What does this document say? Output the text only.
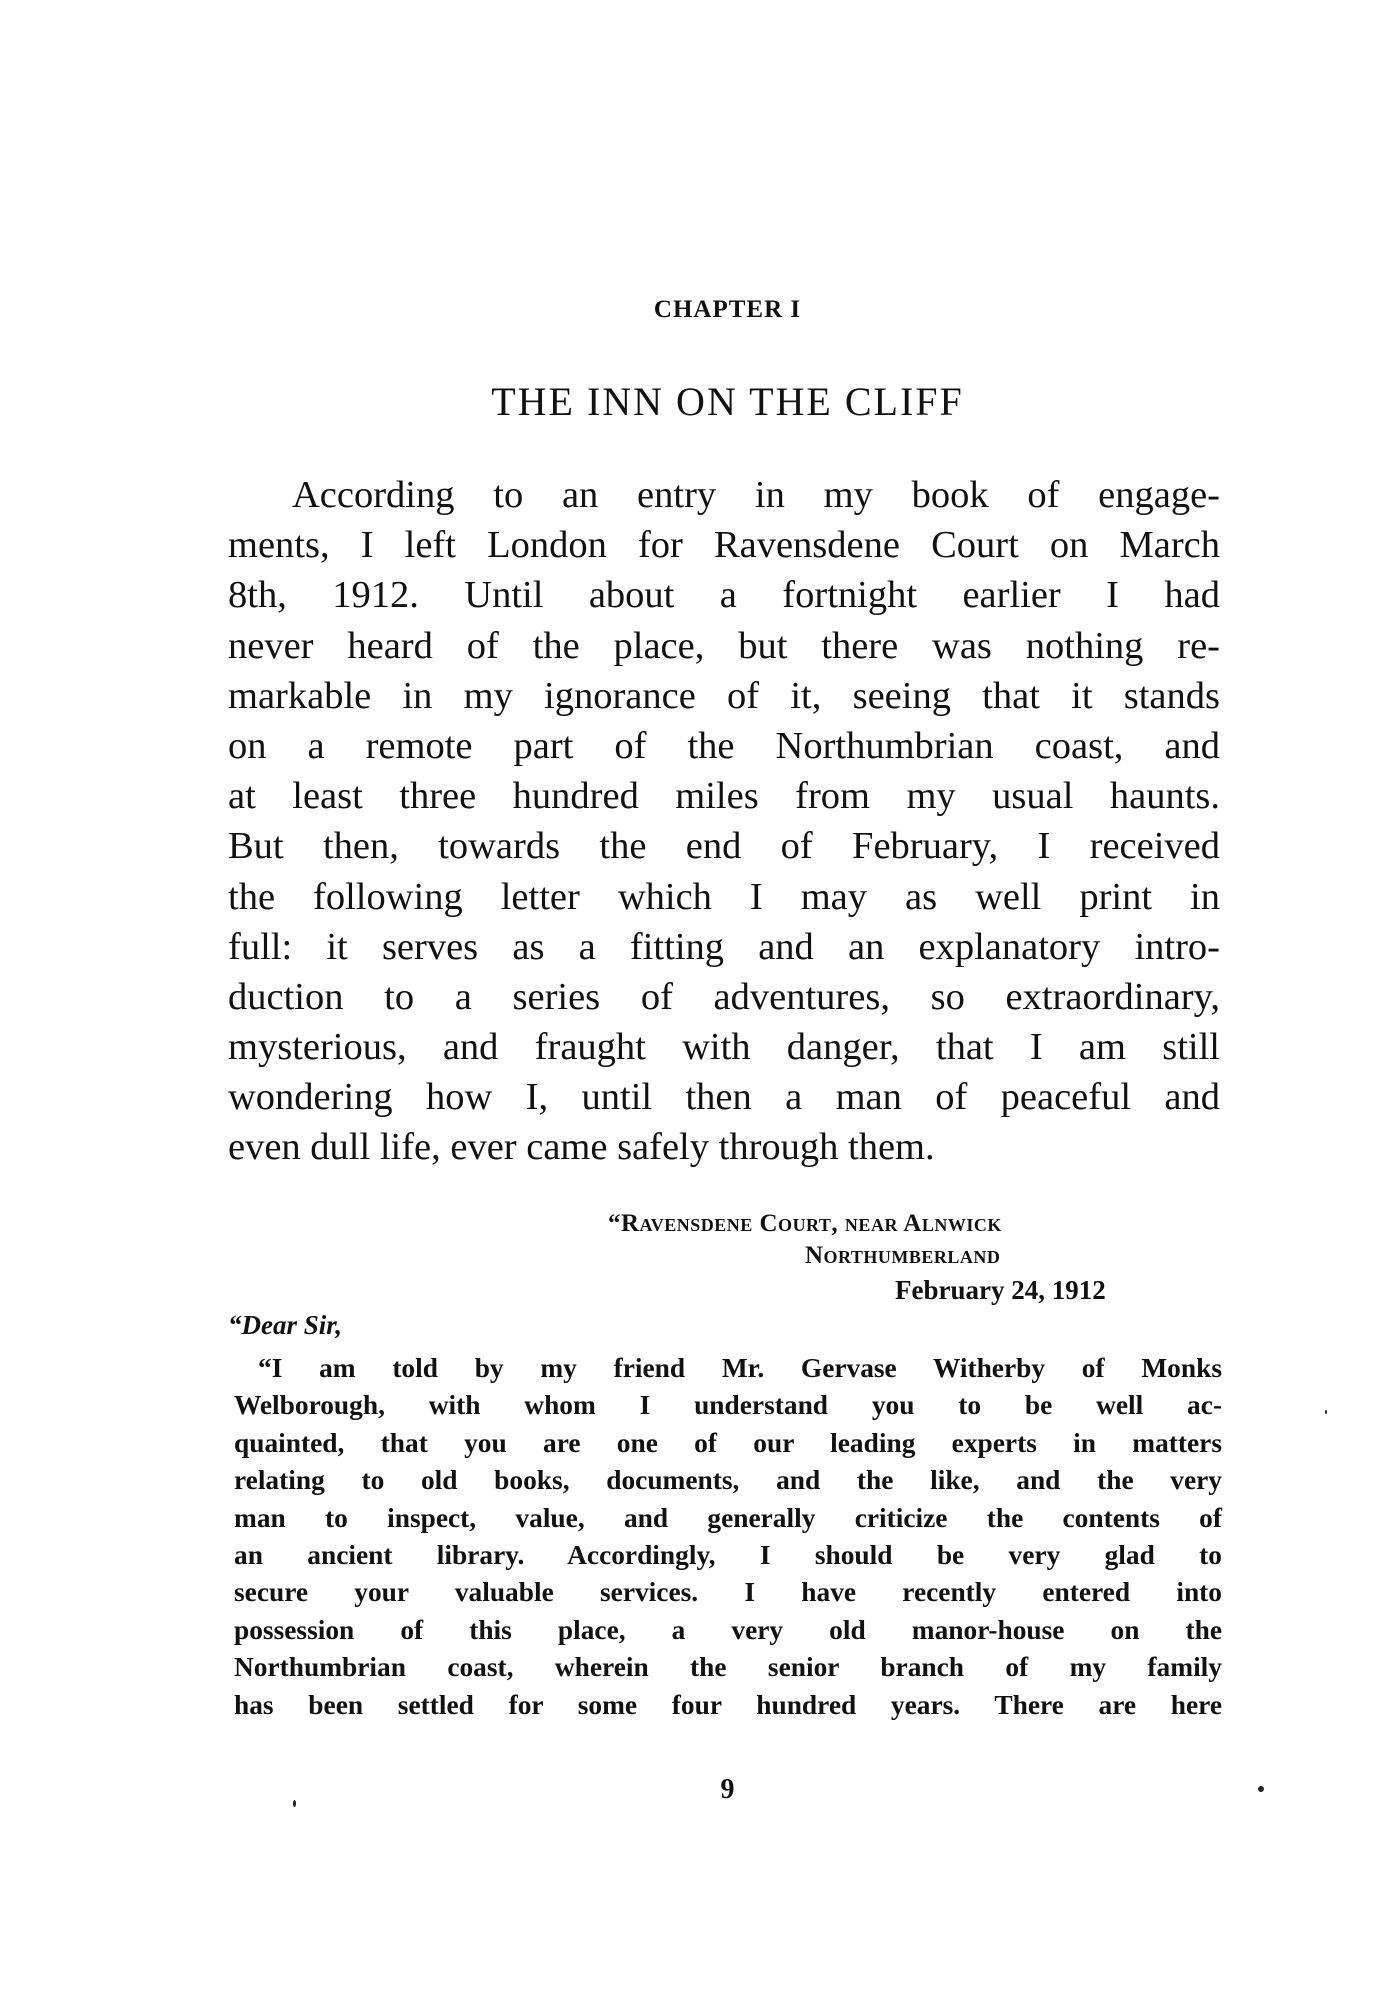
CHAPTER I
THE INN ON THE CLIFF
According to an entry in my book of engage-
ments, I left London for Ravensdene Court on March
8th, 1912. Until about a fortnight earlier I had
never heard of the place, but there was nothing re-
markable in my ignorance of it, seeing that it stands
on a remote part of the Northumbrian coast, and
at least three hundred miles from my usual haunts.
But then, towards the end of February, I received
the following letter which I may as well print in
full: it serves as a fitting and an explanatory intro-
duction to a series of adventures, so extraordinary,
mysterious, and fraught with danger, that I am still
wondering how I, until then a man of peaceful and
even dull life, ever came safely through them.
“Ravensdene Court, near Alnwick
Northumberland
February 24, 1912
“Dear Sir,
“I am told by my friend Mr. Gervase Witherby of Monks
Welborough, with whom I understand you to be well ac-
quainted, that you are one of our leading experts in matters
relating to old books, documents, and the like, and the very
man to inspect, value, and generally criticize the contents of
an ancient library. Accordingly, I should be very glad to
secure your valuable services. I have recently entered into
possession of this place, a very old manor-house on the
Northumbrian coast, wherein the senior branch of my family
has been settled for some four hundred years. There are here
9
